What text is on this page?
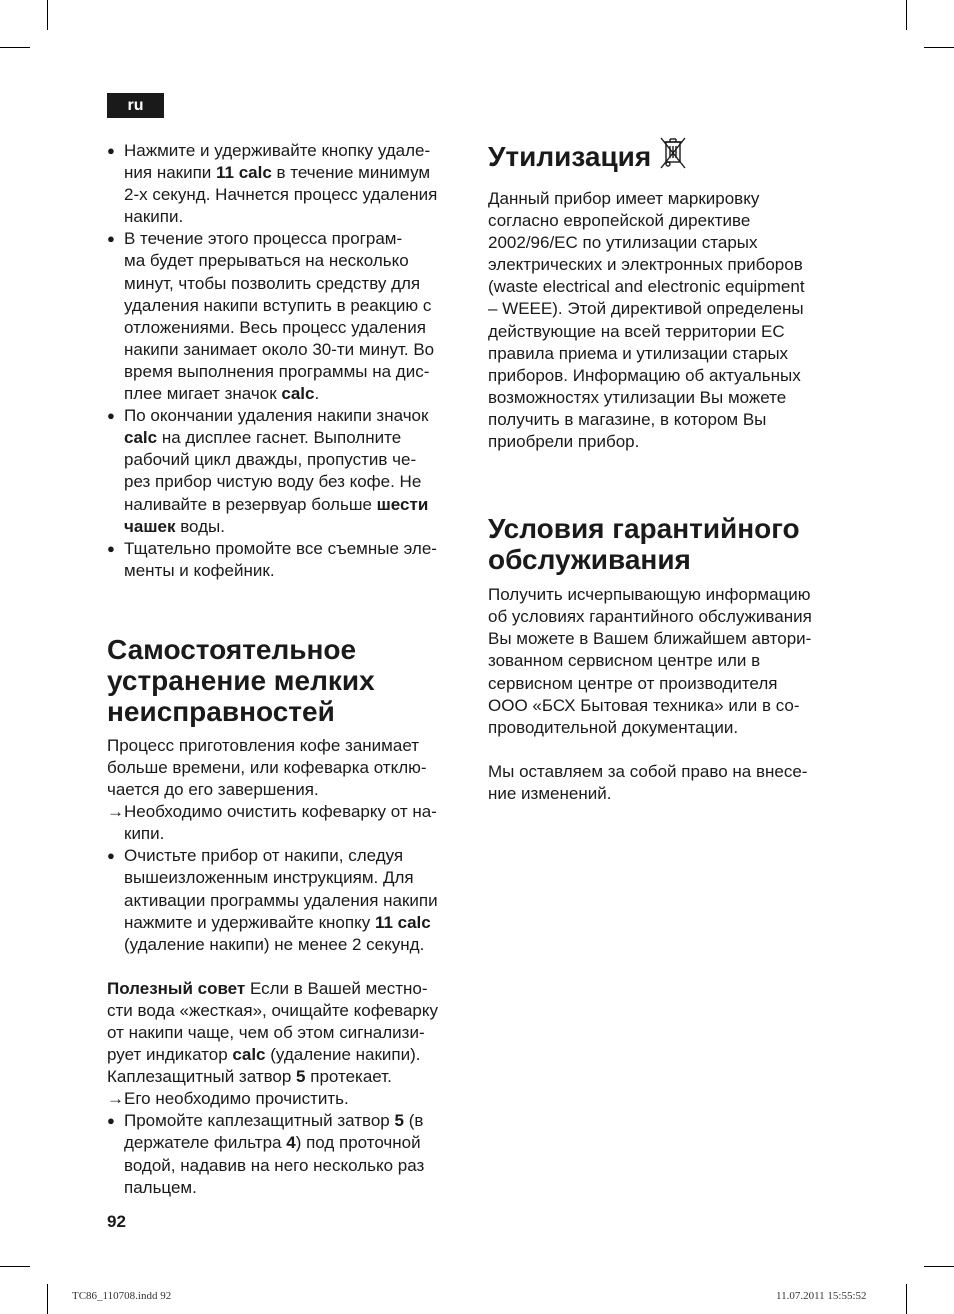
ru
● Нажмите и удерживайте кнопку удале-
ния накипи 11 calc в течение минимум
2-х секунд. Начнется процесс удаления
накипи.
● В течение этого процесса програм-
ма будет прерываться на несколько
минут, чтобы позволить средству для
удаления накипи вступить в реакцию с
отложениями. Весь процесс удаления
накипи занимает около 30-ти минут. Во
время выполнения программы на дис-
плее мигает значок calc.
● По окончании удаления накипи значок
calc на дисплее гаснет. Выполните
рабочий цикл дважды, пропустив че-
рез прибор чистую воду без кофе. Не
наливайте в резервуар больше шести
чашек воды.
● Тщательно промойте все съемные эле-
менты и кофейник.
Самостоятельное
устранение мелких
неисправностей

Процесс приготовления кофе занимает
больше времени, или кофеварка отклю-
чается до его завершения.

→ Необходимо очистить кофеварку от на-
кипи.

● Очистьте прибор от накипи, следуя
вышеизложенным инструкциям. Для
активации программы удаления накипи
нажмите и удерживайте кнопку 11 calc
(удаление накипи) не менее 2 секунд.

Полезный совет Если в Вашей местно-
сти вода «жесткая», очищайте кофеварку
от накипи чаще, чем об этом сигнализи-
рует индикатор calc (удаление накипи).

Каплезащитный затвор 5 протекает.

→ Его необходимо прочистить.

● Промойте каплезащитный затвор 5 (в
держателе фильтра 4) под проточной
водой, надавив на него несколько раз
пальцем.
Утилизация

Данный прибор имеет маркировку
согласно европейской директиве
2002/96/EC по утилизации старых
электрических и электронных приборов
(waste electrical and electronic equipment
– WEEE). Этой директивой определены
действующие на всей территории ЕС
правила приема и утилизации старых
приборов. Информацию об актуальных
возможностях утилизации Вы можете
получить в магазине, в котором Вы
приобрели прибор.

Условия гарантийного
обслуживания

Получить исчерпывающую информацию
об условиях гарантийного обслуживания
Вы можете в Вашем ближайшем автори-
зованном сервисном центре или в
сервисном центре от производителя
ООО «БСХ Бытовая техника» или в со-
проводительной документации.

Мы оставляем за собой право на внесе-
ние изменений.

92
TC86_110708.indd 92	11.07.2011 15:55:52
